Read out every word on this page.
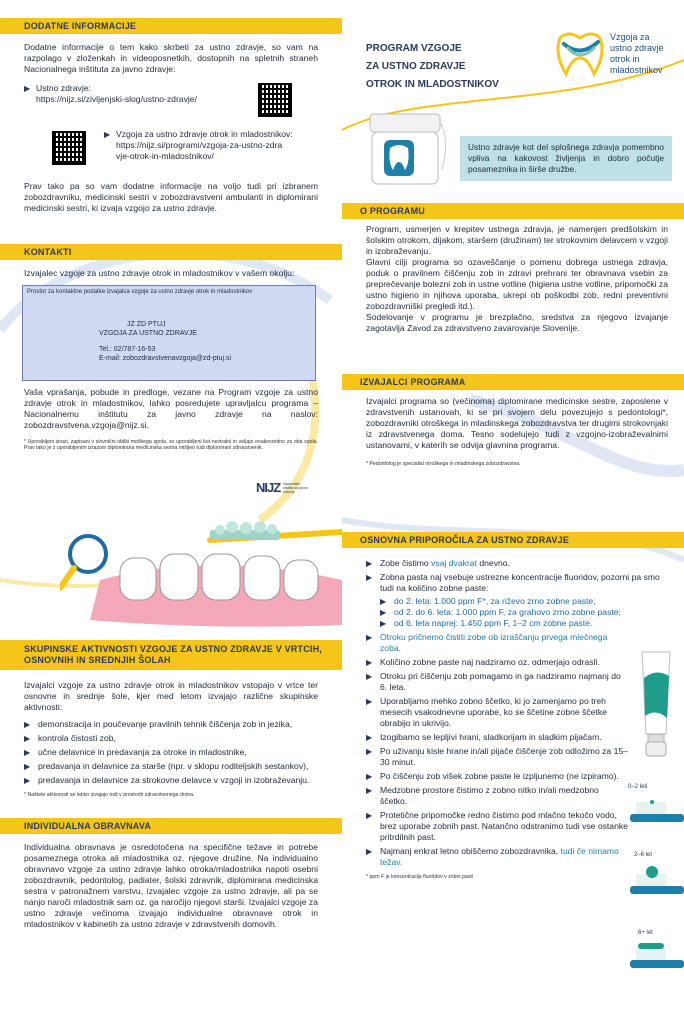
DODATNE INFORMACIJE

Dodatne informacije o tem kako skrbeti za ustno zdravje, so vam na razpolago v zloženkah in videoposnetkih, dostopnih na spletnih straneh Nacionalnega inštituta za javno zdravje:

▶ Ustno zdravje:
https://nijz.si/zivljenjski-slog/ustno-zdravje/
▶ Vzgoja za ustno zdravje otrok in mladostnikov:

https://nijz.si/programi/vzgoja-za-ustno-zdra
vje-otrok-in-mladostnikov/

Prav tako pa so vam dodatne informacije na voljo tudi pri izbranem zobozdravniku, medicinski sestri v zobozdravstveni ambulanti in diplomirani medicinski sestri, ki izvaja vzgojo za ustno zdravje.

KONTAKTI

Izvajalec vzgoje za ustno zdravje otrok in mladostnikov v vašem okolju:

Prostor za kontaktne podatke izvajalca vzgoje za ustno zdravje otrok in mladostnikov
JZ ZD PTUJ
VZGOJA ZA USTNO ZDRAVJE
Tel.: 02/787-16-53
E-mail: zobozdravstvenavzgoja@zd-ptuj.si

Vaša vprašanja, pobude in predloge, vezane na Program vzgoje za ustno zdravje otrok in mladostnikov, lahko posredujete upravljalcu programa – Nacionalnemu inštitutu za javno zdravje na naslov: zobozdravstvena.vzgoja@nijz.si.

* Uporabljeni izrazi, zapisani v slovnični obliki moškega spola, so uporabljeni kot nevtralni in veljajo enakovredno za oba spola. Prav tako je z uporabljenim izrazom diplomirana medicinska sestra mišljen tudi diplomirani zdravstvenik.

NIJZ Nacionalni inštitut za javno zdravje
SKUPINSKE AKTIVNOSTI VZGOJE ZA USTNO ZDRAVJE V VRTCIH,
OSNOVNIH IN SREDNJIH ŠOLAH

Izvajalci vzgoje za ustno zdravje otrok in mladostnikov vstopajo v vrtce ter osnovne in srednje šole, kjer med letom izvajajo različne skupinske aktivnosti:

▶ demonstracija in poučevanje pravilnih tehnik čiščenja zob in jezika,
▶ kontrola čistosti zob,
▶ učne delavnice in predavanja za otroke in mladostnike,
▶ predavanja in delavnice za starše (npr. v sklopu roditeljskih sestankov),
▶ predavanja in delavnice za strokovne delavce v vzgoji in izobraževanju.

* Naštete aktivnosti se lahko izvajajo tudi v prostorih zdravstvenega doma.

INDIVIDUALNA OBRAVNAVA

Individualna obravnava je osredotočena na specifične težave in potrebe posameznega otroka ali mladostnika oz. njegove družine. Na individualno obravnavo vzgoje za ustno zdravje lahko otroka/mladostnika napoti osebni zobozdravnik, pedontolog, padiater, šolski zdravnik, diplomirana medicinska sestra v patronažnem varstvu, izvajalec vzgoje za ustno zdravje, ali pa se nanjo naroči mladostnik sam oz. ga naročijo njegovi starši. Izvajalci vzgoje za ustno zdravje večinoma izvajajo individualne obravnave otrok in mladostnikov v kabinetih za ustno zdravje v zdravstvenih domovih.

PROGRAM VZGOJE
ZA USTNO ZDRAVJE
OTROK IN MLADOSTNIKOV
Vzgoja za
ustno zdravje
otrok in
mladostnikov

Ustno zdravje kot del splošnega zdravja pomembno vpliva na kakovost življenja in dobro počutje posameznika in širše družbe.

O PROGRAMU

Program, usmerjen v krepitev ustnega zdravja, je namenjen predšolskim in šolskim otrokom, dijakom, staršem (družinam) ter strokovnim delavcem v vzgoji in izobraževanju.

Glavni cilji programa so ozaveščanje o pomenu dobrega ustnega zdravja, poduk o pravilnem čiščenju zob in zdravi prehrani ter obravnava vsebin za preprečevanje bolezni zob in ustne votline (higiena ustne votline, pripomočki za ustno higieno in njihova uporaba, ukrepi ob poškodbi zob, redni preventivni zobozdravniški pregledi itd.).

Sodelovanje v programu je brezplačno, sredstva za njegovo izvajanje zagotavlja Zavod za zdravstveno zavarovanje Slovenije.

IZVAJALCI PROGRAMA

Izvajalci programa so (večinoma) diplomirane medicinske sestre, zaposlene v zdravstvenih ustanovah, ki se pri svojem delu povezujejo s pedontologi*, zobozdravniki otroškega in mladinskega zobozdravstva ter drugimi strokovnjaki iz zdravstvenega doma. Tesno sodelujejo tudi z vzgojno-izobraževalnimi ustanovami, v katerih se odvija glavnina programa.

* Pedontolog je specialist otroškega in mladinskega zobozdravstva.

OSNOVNA PRIPOROČILA ZA USTNO ZDRAVJE
▶ Zobe čistimo vsaj dvakrat dnevno.
▶ Zobna pasta naj vsebuje ustrezne koncentracije fluoridov, pozorni pa smo tudi na količino zobne paste:
▶ do 2. leta: 1.000 ppm F*, za riževo zrno zobne paste;
▶ od 2. do 6. leta: 1.000 ppm F, za grahovo zrno zobne paste;
▶ od 6. leta naprej: 1.450 ppm F, 1–2 cm zobne paste.
▶ Otroku pričnemo čistiti zobe ob izraščanju prvega mlečnega zoba.
▶ Količino zobne paste naj nadziramo oz. odmerjajo odrasli.
▶ Otroku pri čiščenju zob pomagamo in ga nadziramo najmanj do 6. leta.
▶ Uporabljamo mehko zobno ščetko, ki jo zamenjamo po treh mesecih vsakodnevne uporabe, ko se ščetine zobne ščetke obrabijo in ukrivijo.
▶ Izogibamo se lepljivi hrani, sladkorijam in sladkim pijačam.
▶ Po uživanju kisle hrane in/ali pijače čiščenje zob odložimo za 15–30 minut.
▶ Po čiščenju zob višek zobne paste le izpljunemo (ne izpiramo).
▶ Medzobne prostore čistimo z zobno nitko in/ali medzobno ščetko.
▶ Protetične pripomočke redno čistimo pod mlačno tekočo vodo, brez uporabe zobnih past. Natančno odstranimo tudi vse ostanke pritrdilnih past.
▶ Najmanj enkrat letno obiščemo zobozdravnika, tudi če nimamo težav.

* ppm F je koncentracija fluoridov v zobni pasti

0–2 leti
2–6 let
6+ let
